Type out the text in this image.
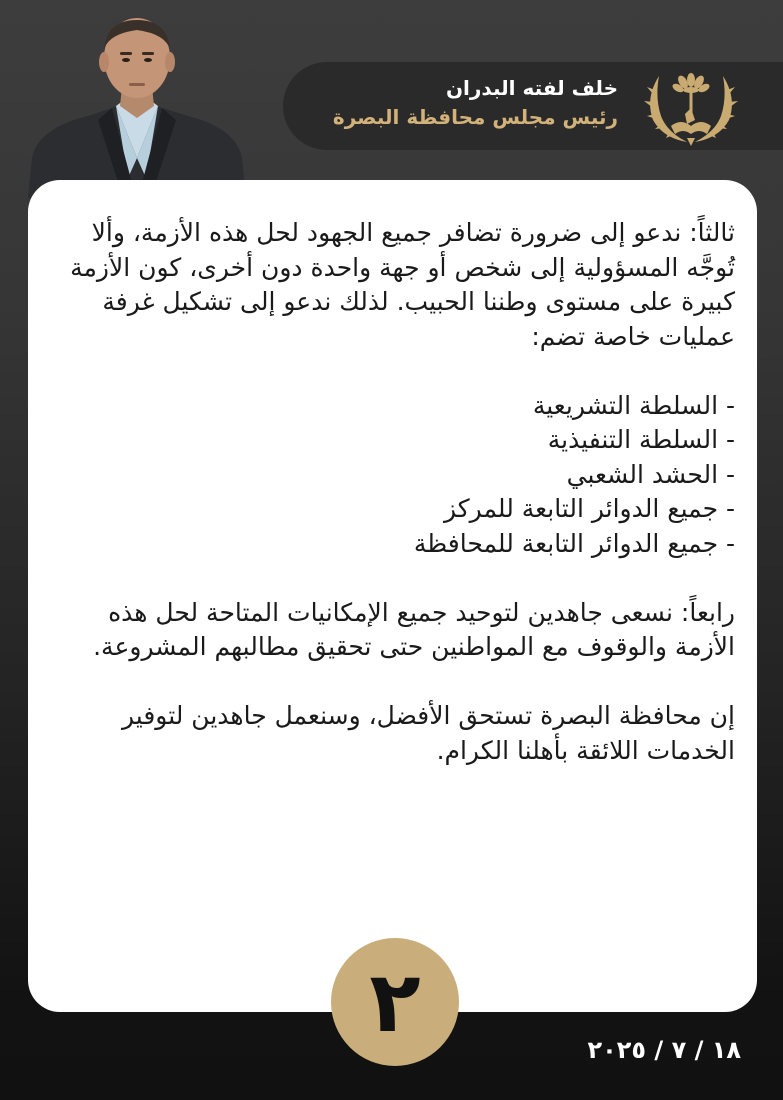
خلف لفته البدران
رئيس مجلس محافظة البصرة

ثالثاً: ندعو إلى ضرورة تضافر جميع الجهود لحل هذه الأزمة، وألا تُوجَّه المسؤولية إلى شخص أو جهة واحدة دون أخرى، كون الأزمة كبيرة على مستوى وطننا الحبيب. لذلك ندعو إلى تشكيل غرفة عمليات خاصة تضم:

- السلطة التشريعية

- السلطة التنفيذية

- الحشد الشعبي

- جميع الدوائر التابعة للمركز

- جميع الدوائر التابعة للمحافظة

رابعاً: نسعى جاهدين لتوحيد جميع الإمكانيات المتاحة لحل هذه الأزمة والوقوف مع المواطنين حتى تحقيق مطالبهم المشروعة.

إن محافظة البصرة تستحق الأفضل، وسنعمل جاهدين لتوفير الخدمات اللائقة بأهلنا الكرام.

٢	١٨ / ٧ / ٢٠٢٥
